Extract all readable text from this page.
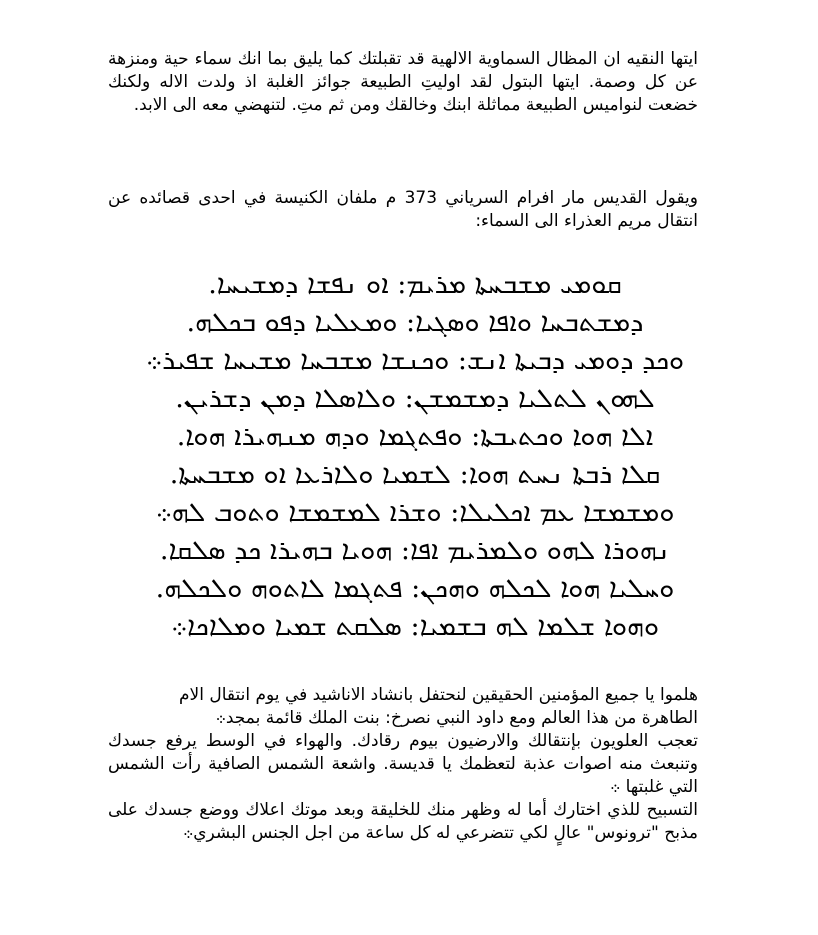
ايتها النقيه ان المظال السماوية الالهية قد تقبلتك كما يليق بما انك سماء حية ومنزهة عن كل وصمة. ايتها البتول لقد اوليتِ الطبيعة جوائز الغلبة اذ ولدت الاله ولكنك خضعت لنواميس الطبيعة مماثلة ابنك وخالقك ومن ثم متِ. لتنهضي معه الى الابد.

ويقول القديس مار افرام السرياني 373 م ملفان الكنيسة في احدى قصائده عن انتقال مريم العذراء الى السماء:

ܩܘܡܝ ܡܫܒܚܬܐ ܡܪܝܡ: ܐܘ ܢܦܫܐ ܕܡܫܝܚܐ.
ܕܡܫܬܒܚܐ ܘܐܦܐ ܘܣܓܝܐ: ܘܡܥܠܝܐ ܕܦܘ ܒܟܠܗ.
ܘܟܕ ܕܘܡܝ ܕܒܝܬܐ ܐܢܫ: ܘܟܢܫܐ ܡܫܒܚܐ ܡܫܝܚܐ ܫܦܝܪ܀
ܠܗܘܢ ܠܬܠܝܐ ܕܡܫܡܫܢ: ܘܠܐܣܠܐ ܕܡܢ ܕܫܪܝܢ.
ܐܠܐ ܗܘܐ ܘܟܬܝܒܬܐ: ܘܦܬܓܡܐ ܘܕܗ ܡܢܗܝܪܐ ܗܘܐ.
ܩܠܐ ܪܒܬܐ ܢܚܬ ܗܘܐ: ܠܫܡܝܐ ܘܠܐܪܥܐ ܐܘ ܡܫܒܚܬܐ.
ܘܡܫܡܫܐ ܥܡ ܐܟܠܝܠܐ: ܘܫܪܐ ܠܡܫܡܫܐ ܘܬܘܒ ܠܗ܀
ܢܗܘܪܐ ܠܗܘ ܘܠܡܪܝܡ ܐܦܐ: ܗܘܝܐ ܒܗܝܪܐ ܟܕ ܣܠܩܐ.
ܘܚܠܝܐ ܗܘܐ ܠܟܠܗ ܘܗܟܢ: ܦܬܓܡܐ ܠܐܬܘܗ ܘܠܟܠܗ.
ܘܗܘܐ ܫܠܡܐ ܠܗ ܒܫܡܝܐ: ܣܠܩܬ ܫܡܝܐ ܘܡܠܐܟܐ܀

هلموا يا جميع المؤمنين الحقيقين لنحتفل بانشاد الاناشيد في يوم انتقال الام

الطاهرة من هذا العالم ومع داود النبي نصرخ: بنت الملك قائمة بمجد܀

تعجب العلويون بإنتقالك والارضيون بيوم رقادك. والهواء في الوسط يرفع جسدك وتنبعث منه اصوات عذبة لتعظمك يا قديسة. واشعة الشمس الصافية رأت الشمس التي غلبتها ܀

التسبيح للذي اختارك أما له وظهر منك للخليقة وبعد موتك اعلاك ووضع جسدك على مذبح "ترونوس" عالٍ لكي تتضرعي له كل ساعة من اجل الجنس البشري܀
